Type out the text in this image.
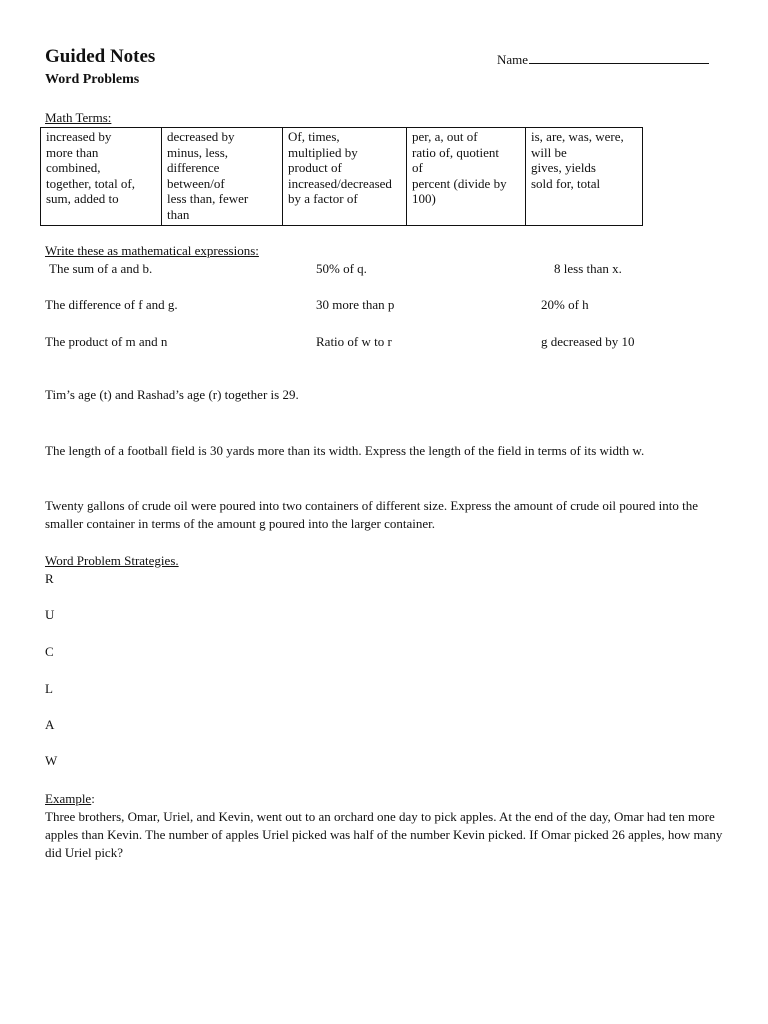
Guided Notes
Word Problems
Name
Math Terms:
increased by
more than
combined,
together, total of,
sum, added to

decreased by
minus, less,
difference
between/of
less than, fewer
than

Of, times,
multiplied by
product of
increased/decreased
by a factor of

per, a, out of
ratio of, quotient
of
percent (divide by
100)

is, are, was, were,
will be
gives, yields
sold for, total
Write these as mathematical expressions:
The sum of a and b.	50% of q.	8 less than x.
The difference of f and g.	30 more than p	20% of h
The product of m and n	Ratio of w to r	g decreased by 10

Tim’s age (t) and Rashad’s age (r) together is 29.

The length of a football field is 30 yards more than its width. Express the length of the field in terms of its width w.

Twenty gallons of crude oil were poured into two containers of different size. Express the amount of crude oil poured into the smaller container in terms of the amount g poured into the larger container.

Word Problem Strategies.
R
U
C
L
A
W
Example:

Three brothers, Omar, Uriel, and Kevin, went out to an orchard one day to pick apples. At the end of the day, Omar had ten more apples than Kevin. The number of apples Uriel picked was half of the number Kevin picked. If Omar picked 26 apples, how many did Uriel pick?
